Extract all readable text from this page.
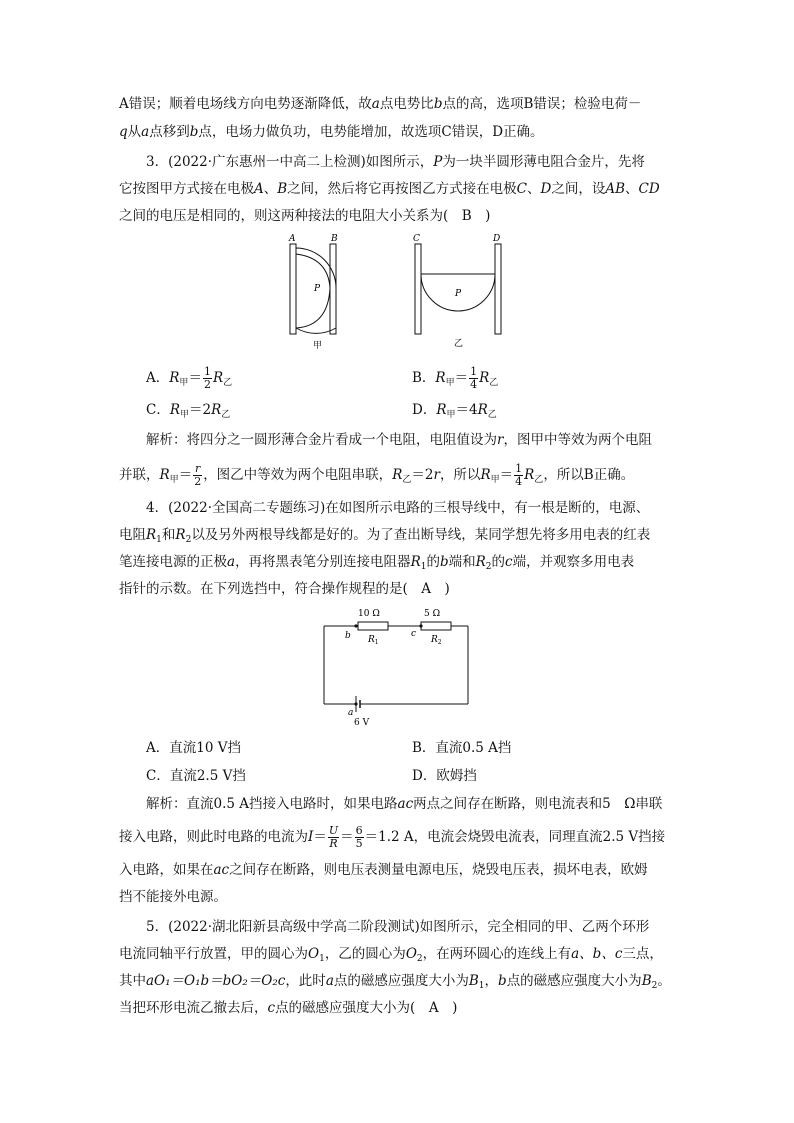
A错误；顺着电场线方向电势逐渐降低，故a点电势比b点的高，选项B错误；检验电荷－
q从a点移到b点，电场力做负功，电势能增加，故选项C错误，D正确。
3．(2022·广东惠州一中高二上检测)如图所示，P为一块半圆形薄电阻合金片，先将
它按图甲方式接在电极A、B之间，然后将它再按图乙方式接在电极C、D之间，设AB、CD
之间的电压是相同的，则这两种接法的电阻大小关系为(　B　)
A	B
P
甲
C	D
P
乙
A．$R_甲= \frac{1}{2} R_乙$	B．$R_甲= \frac{1}{4} R_乙$
C．$R_甲=2R_乙$	D．$R_甲=4R_乙$
解析：将四分之一圆形薄合金片看成一个电阻，电阻值设为r，图甲中等效为两个电阻
并联，$R_甲= \frac{r}{2}$ ，图乙中等效为两个电阻串联，$R_乙=2r$，所以$R_甲= \frac{1}{4} R_乙$，所以B正确。
4．(2022·全国高二专题练习)在如图所示电路的三根导线中，有一根是断的，电源、
电阻$R_1$和$R_2$以及另外两根导线都是好的。为了查出断导线，某同学想先将多用电表的红表
笔连接电源的正极a，再将黑表笔分别连接电阻器$R_1$的b端和$R_2$的c端，并观察多用电表
指针的示数。在下列选挡中，符合操作规程的是(　A　)
10 Ω	5 Ω
b	c
a
$R_1$	$R_2$
6 V
A．直流10 V挡	B．直流0.5 A挡
C．直流2.5 V挡	D．欧姆挡
解析：直流0.5 A挡接入电路时，如果电路ac两点之间存在断路，则电流表和5　Ω串联
接入电路，则此时电路的电流为$I= \frac{U}{R} = \frac{6}{5} =1.2$ A，电流会烧毁电流表，同理直流2.5 V挡接
入电路，如果在ac之间存在断路，则电压表测量电源电压，烧毁电压表，损坏电表，欧姆
挡不能接外电源。
5．(2022·湖北阳新县高级中学高二阶段测试)如图所示，完全相同的甲、乙两个环形
电流同轴平行放置，甲的圆心为$O_1$，乙的圆心为$O_2$，在两环圆心的连线上有a、b、c三点，
其中aO₁＝O₁b＝bO₂＝O₂c，此时a点的磁感应强度大小为$B_1$，b点的磁感应强度大小为$B_2$。
当把环形电流乙撤去后，c点的磁感应强度大小为(　A　)
